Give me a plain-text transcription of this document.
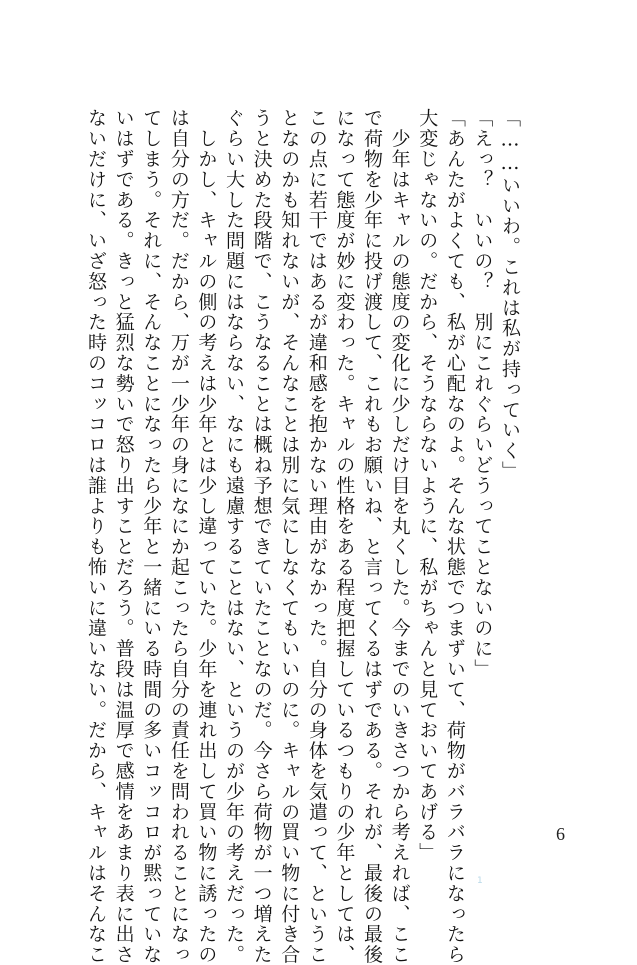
「……いいわ。これは私が持っていく」
「えっ？　いいの？　別にこれぐらいどうってことないのに」
「あんたがよくても、私が心配なのよ。そんな状態でつまずいて、荷物がバラバラになったら
大変じゃないの。だから、そうならないように、私がちゃんと見ておいてあげる」
　少年はキャルの態度の変化に少しだけ目を丸くした。今までのいきさつから考えれば、ここ
で荷物を少年に投げ渡して、これもお願いね、と言ってくるはずである。それが、最後の最後
になって態度が妙に変わった。キャルの性格をある程度把握しているつもりの少年としては、
この点に若干ではあるが違和感を抱かない理由がなかった。自分の身体を気遣って、というこ
となのかも知れないが、そんなことは別に気にしなくてもいいのに。キャルの買い物に付き合
うと決めた段階で、こうなることは概ね予想できていたことなのだ。今さら荷物が一つ増えた
ぐらい大した問題にはならない、なにも遠慮することはない、というのが少年の考えだった。
　しかし、キャルの側の考えは少年とは少し違っていた。少年を連れ出して買い物に誘ったの
は自分の方だ。だから、万が一少年の身になにか起こったら自分の責任を問われることになっ
てしまう。それに、そんなことになったら少年と一緒にいる時間の多いコッコロが黙っていな
いはずである。きっと猛烈な勢いで怒り出すことだろう。普段は温厚で感情をあまり表に出さ
ないだけに、いざ怒った時のコッコロは誰よりも怖いに違いない。だから、キャルはそんなこ	6
1
